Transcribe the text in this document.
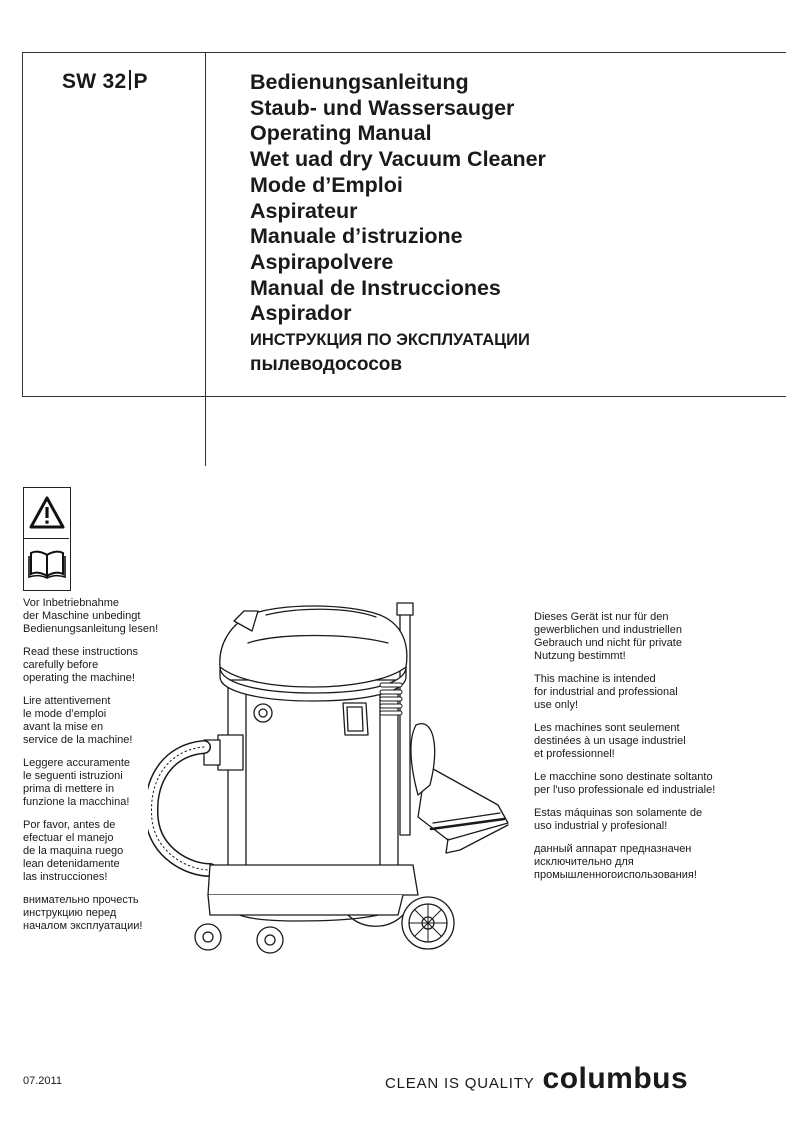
SW 32 P	Bedienungsanleitung
Staub- und Wassersauger
Operating Manual
Wet uad dry Vacuum Cleaner
Mode d’Emploi
Aspirateur
Manuale d’istruzione
Aspirapolvere
Manual de Instrucciones
Aspirador
ИНСТРУКЦИЯ ПО ЭКСПЛУАТАЦИИ
пылеводососов

Vor Inbetriebnahme
der Maschine unbedingt
Bedienungsanleitung lesen!

Read these instructions
carefully before
operating the machine!

Lire attentivement
le mode d’emploi
avant la mise en
service de la machine!

Leggere accuramente
le seguenti istruzioni
prima di mettere in
funzione la macchina!

Por favor, antes de
efectuar el manejo
de la maquina ruego
lean detenidamente
las instrucciones!

внимательно прочесть
инструкцию перед
началом эксплуатации!

Dieses Gerät ist nur für den
gewerblichen und industriellen
Gebrauch und nicht für private
Nutzung bestimmt!

This machine is intended
for industrial and professional
use only!

Les machines sont seulement
destinées à un usage industriel
et professionnel!

Le macchine sono destinate soltanto
per l'uso professionale ed industriale!

Estas máquinas son solamente de
uso industrial y profesional!

данный аппарат предназначен
исключительно для
промышленногоиспользования!

07.2011	CLEAN IS QUALITY columbus
